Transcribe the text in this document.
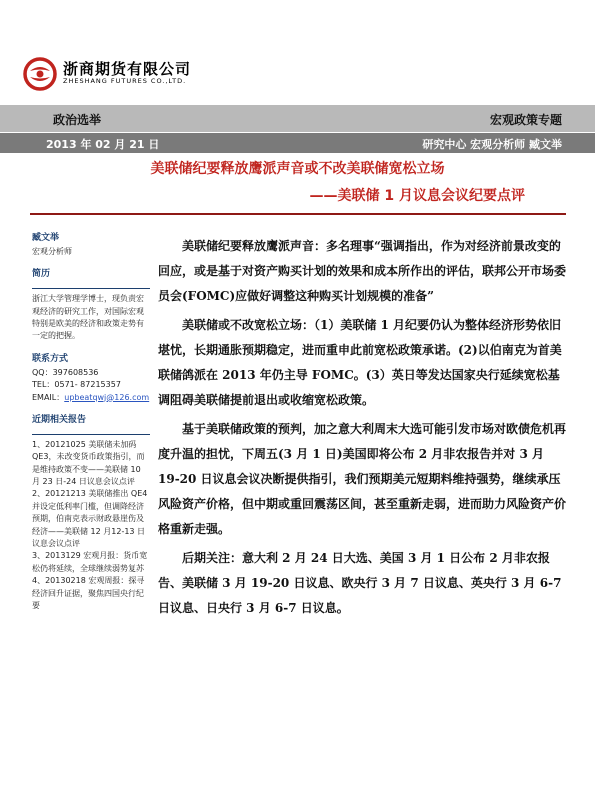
浙商期货有限公司
ZHESHANG FUTURES CO.,LTD.
政治选举	宏观政策专题
2013 年 02 月 21 日	研究中心 宏观分析师 臧文举
美联储纪要释放鹰派声音或不改美联储宽松立场
——美联储 1 月议息会议纪要点评
臧文举
宏观分析师
简历
浙江大学管理学博士，现负责宏观经济的研究工作，对国际宏观特别是欧美的经济和政策走势有一定的把握。
联系方式
QQ：397608536
TEL：0571- 87215357
EMAIL：upbeatqwj@126.com
近期相关报告
1、20121025 美联储未加码QE3，未改变货币政策指引，而是维持政策不变——美联储 10 月 23 日-24 日议息会议点评
2、20121213 美联储推出 QE4并设定低利率门槛，但调降经济预期，伯南克表示财政悬崖伤及经济——美联储 12 月12-13 日议息会议点评
3、2013129 宏观月报：货币宽松仍将延续，全球继续弱势复苏
4、20130218 宏观周报：探寻经济回升证据，聚焦四国央行纪要

美联储纪要释放鹰派声音：多名理事“强调指出，作为对经济前景改变的回应，或是基于对资产购买计划的效果和成本所作出的评估，联邦公开市场委员会(FOMC)应做好调整这种购买计划规模的准备”

美联储或不改宽松立场：（1）美联储 1 月纪要仍认为整体经济形势依旧堪忧，长期通胀预期稳定，进而重申此前宽松政策承诺。(2)以伯南克为首美联储鸽派在 2013 年仍主导 FOMC。(3）英日等发达国家央行延续宽松基调阻碍美联储提前退出或收缩宽松政策。

基于美联储政策的预判，加之意大利周末大选可能引发市场对欧债危机再度升温的担忧，下周五(3 月 1 日)美国即将公布 2 月非农报告并对 3 月 19-20 日议息会议决断提供指引，我们预期美元短期料维持强势，继续承压风险资产价格，但中期或重回震荡区间，甚至重新走弱，进而助力风险资产价格重新走强。

后期关注：意大利 2 月 24 日大选、美国 3 月 1 日公布 2 月非农报告、美联储 3 月 19-20 日议息、欧央行 3 月 7 日议息、英央行 3 月 6-7 日议息、日央行 3 月 6-7 日议息。
